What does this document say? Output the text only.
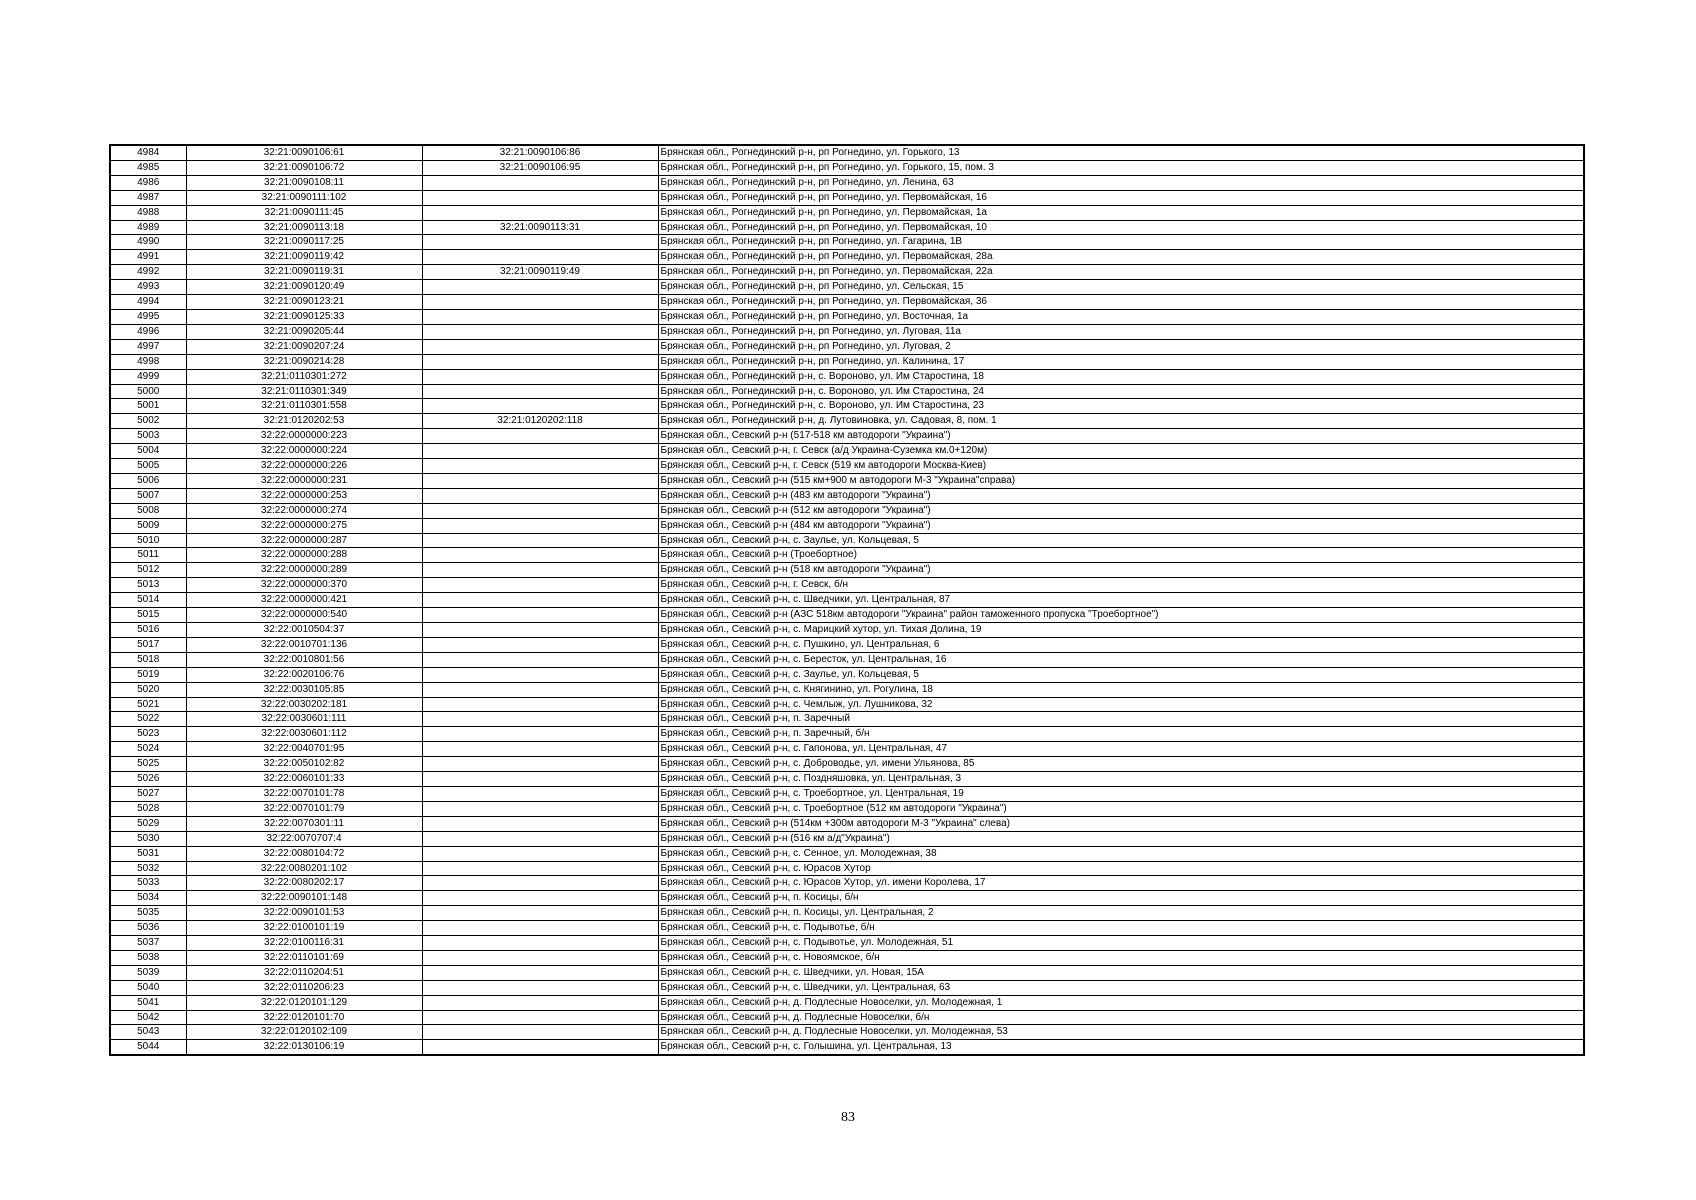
4984	32:21:0090106:61	32:21:0090106:86	Брянская обл., Рогнединский р-н, рп Рогнедино, ул. Горького, 13
4985	32:21:0090106:72	32:21:0090106:95	Брянская обл., Рогнединский р-н, рп Рогнедино, ул. Горького, 15, пом. 3
4986	32:21:0090108:11		Брянская обл., Рогнединский р-н, рп Рогнедино, ул. Ленина, 63
4987	32:21:0090111:102		Брянская обл., Рогнединский р-н, рп Рогнедино, ул. Первомайская, 16
4988	32:21:0090111:45		Брянская обл., Рогнединский р-н, рп Рогнедино, ул. Первомайская, 1а
4989	32:21:0090113:18	32:21:0090113:31	Брянская обл., Рогнединский р-н, рп Рогнедино, ул. Первомайская, 10
4990	32:21:0090117:25		Брянская обл., Рогнединский р-н, рп Рогнедино, ул. Гагарина, 1В
4991	32:21:0090119:42		Брянская обл., Рогнединский р-н, рп Рогнедино, ул. Первомайская, 28а
4992	32:21:0090119:31	32:21:0090119:49	Брянская обл., Рогнединский р-н, рп Рогнедино, ул. Первомайская, 22а
4993	32:21:0090120:49		Брянская обл., Рогнединский р-н, рп Рогнедино, ул. Сельская, 15
4994	32:21:0090123:21		Брянская обл., Рогнединский р-н, рп Рогнедино, ул. Первомайская, 36
4995	32:21:0090125:33		Брянская обл., Рогнединский р-н, рп Рогнедино, ул. Восточная, 1а
4996	32:21:0090205:44		Брянская обл., Рогнединский р-н, рп Рогнедино, ул. Луговая, 11а
4997	32:21:0090207:24		Брянская обл., Рогнединский р-н, рп Рогнедино, ул. Луговая, 2
4998	32:21:0090214:28		Брянская обл., Рогнединский р-н, рп Рогнедино, ул. Калинина, 17
4999	32:21:0110301:272		Брянская обл., Рогнединский р-н, с. Вороново, ул. Им Старостина, 18
5000	32:21:0110301:349		Брянская обл., Рогнединский р-н, с. Вороново, ул. Им Старостина, 24
5001	32:21:0110301:558		Брянская обл., Рогнединский р-н, с. Вороново, ул. Им Старостина, 23
5002	32:21:0120202:53	32:21:0120202:118	Брянская обл., Рогнединский р-н, д. Лутовиновка, ул. Садовая, 8, пом. 1
5003	32:22:0000000:223		Брянская обл., Севский р-н (517-518 км автодороги "Украина")
5004	32:22:0000000:224		Брянская обл., Севский р-н, г. Севск (а/д Украина-Суземка км.0+120м)
5005	32:22:0000000:226		Брянская обл., Севский р-н, г. Севск (519 км автодороги Москва-Киев)
5006	32:22:0000000:231		Брянская обл., Севский р-н (515 км+900 м автодороги М-3 "Украина"справа)
5007	32:22:0000000:253		Брянская обл., Севский р-н (483 км автодороги "Украина")
5008	32:22:0000000:274		Брянская обл., Севский р-н (512 км автодороги "Украина")
5009	32:22:0000000:275		Брянская обл., Севский р-н (484 км автодороги "Украина")
5010	32:22:0000000:287		Брянская обл., Севский р-н, с. Заулье, ул. Кольцевая, 5
5011	32:22:0000000:288		Брянская обл., Севский р-н (Троебортное)
5012	32:22:0000000:289		Брянская обл., Севский р-н (518 км автодороги "Украина")
5013	32:22:0000000:370		Брянская обл., Севский р-н, г. Севск, б/н
5014	32:22:0000000:421		Брянская обл., Севский р-н, с. Шведчики, ул. Центральная, 87
5015	32:22:0000000:540		Брянская обл., Севский р-н (АЗС 518км автодороги "Украина" район таможенного пропуска "Троебортное")
5016	32:22:0010504:37		Брянская обл., Севский р-н, с. Марицкий хутор, ул. Тихая Долина, 19
5017	32:22:0010701:136		Брянская обл., Севский р-н, с. Пушкино, ул. Центральная, 6
5018	32:22:0010801:56		Брянская обл., Севский р-н, с. Бересток, ул. Центральная, 16
5019	32:22:0020106:76		Брянская обл., Севский р-н, с. Заулье, ул. Кольцевая, 5
5020	32:22:0030105:85		Брянская обл., Севский р-н, с. Княгинино, ул. Рогулина, 18
5021	32:22:0030202:181		Брянская обл., Севский р-н, с. Чемлыж, ул. Лушникова, 32
5022	32:22:0030601:111		Брянская обл., Севский р-н, п. Заречный
5023	32:22:0030601:112		Брянская обл., Севский р-н, п. Заречный, б/н
5024	32:22:0040701:95		Брянская обл., Севский р-н, с. Гапонова, ул. Центральная, 47
5025	32:22:0050102:82		Брянская обл., Севский р-н, с. Доброводье, ул. имени Ульянова, 85
5026	32:22:0060101:33		Брянская обл., Севский р-н, с. Поздняшовка, ул. Центральная, 3
5027	32:22:0070101:78		Брянская обл., Севский р-н, с. Троебортное, ул. Центральная, 19
5028	32:22:0070101:79		Брянская обл., Севский р-н, с. Троебортное (512 км автодороги "Украина")
5029	32:22:0070301:11		Брянская обл., Севский р-н (514км +300м автодороги М-3 "Украина" слева)
5030	32:22:0070707:4		Брянская обл., Севский р-н (516 км а/д"Украина")
5031	32:22:0080104:72		Брянская обл., Севский р-н, с. Сенное, ул. Молодежная, 38
5032	32:22:0080201:102		Брянская обл., Севский р-н, с. Юрасов Хутор
5033	32:22:0080202:17		Брянская обл., Севский р-н, с. Юрасов Хутор, ул. имени Королева, 17
5034	32:22:0090101:148		Брянская обл., Севский р-н, п. Косицы, б/н
5035	32:22:0090101:53		Брянская обл., Севский р-н, п. Косицы, ул. Центральная, 2
5036	32:22:0100101:19		Брянская обл., Севский р-н, с. Подывотье, б/н
5037	32:22:0100116:31		Брянская обл., Севский р-н, с. Подывотье, ул. Молодежная, 51
5038	32:22:0110101:69		Брянская обл., Севский р-н, с. Новоямское, б/н
5039	32:22:0110204:51		Брянская обл., Севский р-н, с. Шведчики, ул. Новая, 15А
5040	32:22:0110206:23		Брянская обл., Севский р-н, с. Шведчики, ул. Центральная, 63
5041	32:22:0120101:129		Брянская обл., Севский р-н, д. Подлесные Новоселки, ул. Молодежная, 1
5042	32:22:0120101:70		Брянская обл., Севский р-н, д. Подлесные Новоселки, б/н
5043	32:22:0120102:109		Брянская обл., Севский р-н, д. Подлесные Новоселки, ул. Молодежная, 53
5044	32:22:0130106:19		Брянская обл., Севский р-н, с. Голышина, ул. Центральная, 13
83
